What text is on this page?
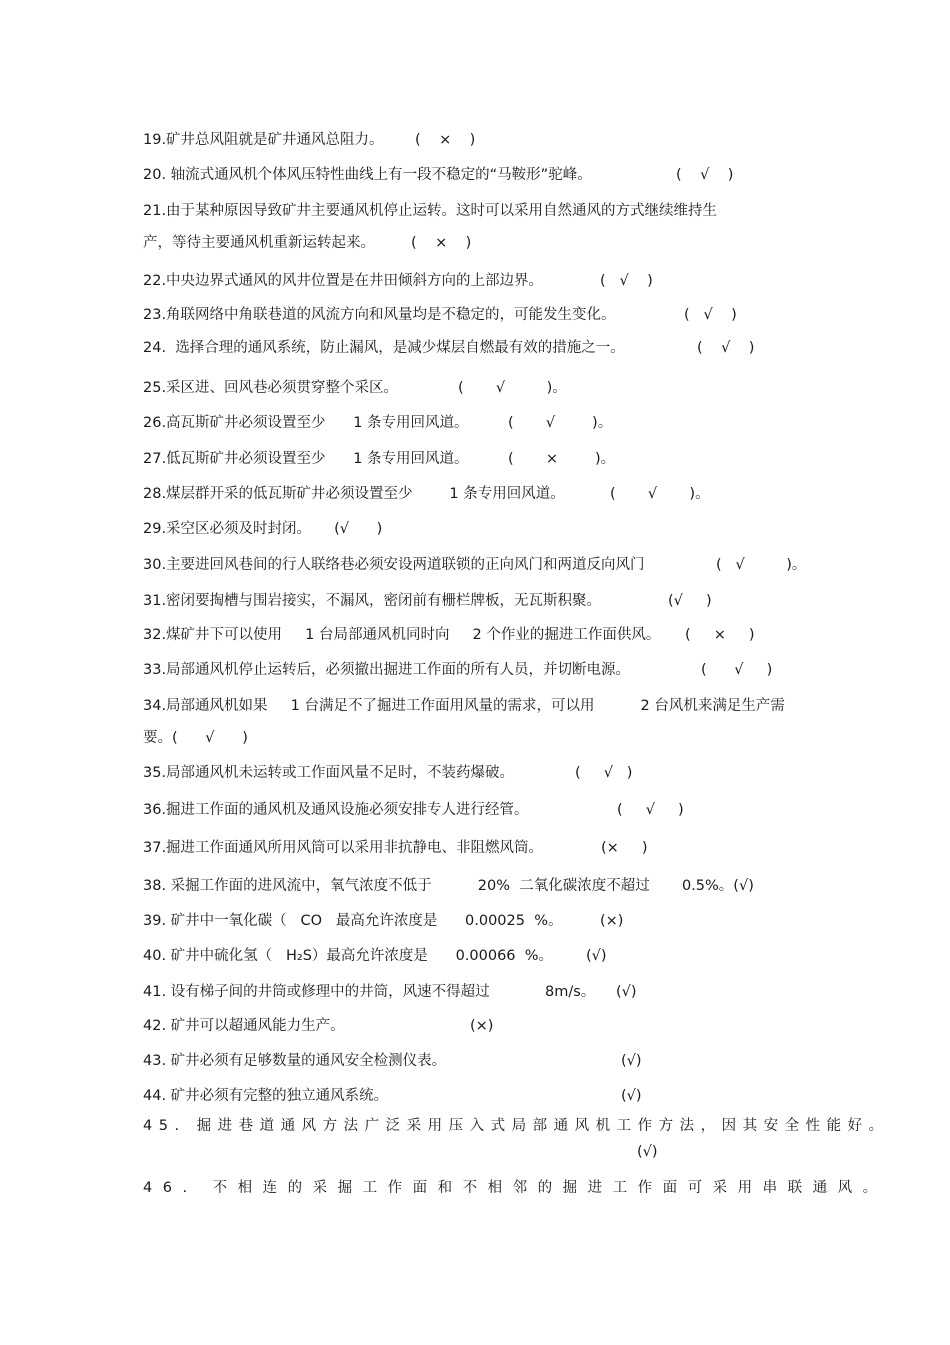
19.矿井总风阻就是矿井通风总阻力。 (    ×    )
20. 轴流式通风机个体风压特性曲线上有一段不稳定的“马鞍形”驼峰。	(    √    )
21.由于某种原因导致矿井主要通风机停止运转。这时可以采用自然通风的方式继续维持生
产，等待主要通风机重新运转起来。 (    ×    )
22.中央边界式通风的风井位置是在井田倾斜方向的上部边界。	(   √    )
23.角联网络中角联巷道的风流方向和风量均是不稳定的，可能发生变化。	(   √    )
24.  选择合理的通风系统，防止漏风，是减少煤层自燃最有效的措施之一。	(    √    )
25.采区进、回风巷必须贯穿整个采区。	(       √         )。
26.高瓦斯矿井必须设置至少      1 条专用回风道。	(       √        )。
27.低瓦斯矿井必须设置至少      1 条专用回风道。	(       ×        )。
28.煤层群开采的低瓦斯矿井必须设置至少        1 条专用回风道。	(       √       )。
29.采空区必须及时封闭。     (√      )
30.主要进回风巷间的行人联络巷必须安设两道联锁的正向风门和两道反向风门	(   √         )。
31.密闭要掏槽与围岩接实，不漏风，密闭前有栅栏牌板，无瓦斯积聚。	(√     )
32.煤矿井下可以使用     1 台局部通风机同时向     2 个作业的掘进工作面供风。 (     ×     )
33.局部通风机停止运转后，必须撤出掘进工作面的所有人员，并切断电源。	(      √     )
34.局部通风机如果     1 台满足不了掘进工作面用风量的需求，可以用          2 台风机来满足生产需
要。(      √      )
35.局部通风机未运转或工作面风量不足时，不装药爆破。	(     √   )
36.掘进工作面的通风机及通风设施必须安排专人进行经管。	(     √     )
37.掘进工作面通风所用风筒可以采用非抗静电、非阻燃风筒。	(×     )
38. 采掘工作面的进风流中，氧气浓度不低于          20%  二氧化碳浓度不超过       0.5%。(√)
39. 矿井中一氧化碳（   CO   最高允许浓度是      0.00025  %。	(×)
40. 矿井中硫化氢（   H₂S）最高允许浓度是      0.00066  %。 (√)
41. 设有梯子间的井筒或修理中的井筒，风速不得超过            8m/s。 (√)
42. 矿井可以超通风能力生产。	(×)
43. 矿井必须有足够数量的通风安全检测仪表。	(√)
44. 矿井必须有完整的独立通风系统。	(√)
45. 掘进巷道通风方法广泛采用压入式局部通风机工作方法，因其安全性能好。
(√)
46. 不相连的采掘工作面和不相邻的掘进工作面可采用串联通风。
